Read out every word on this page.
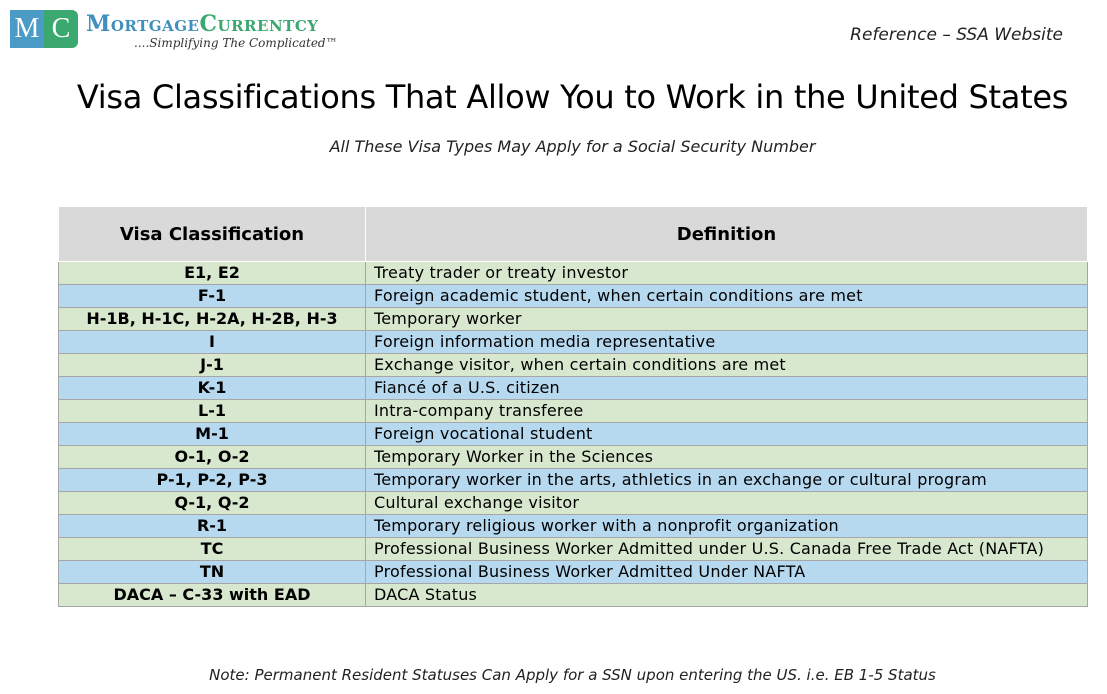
M C MortgageCurrentcy
....Simplifying The Complicated™	Reference – SSA Website
Visa Classifications That Allow You to Work in the United States
All These Visa Types May Apply for a Social Security Number
Visa Classification	Definition
E1, E2	Treaty trader or treaty investor
F-1	Foreign academic student, when certain conditions are met
H-1B, H-1C, H-2A, H-2B, H-3	Temporary worker
I	Foreign information media representative
J-1	Exchange visitor, when certain conditions are met
K-1	Fiancé of a U.S. citizen
L-1	Intra-company transferee
M-1	Foreign vocational student
O-1, O-2	Temporary Worker in the Sciences
P-1, P-2, P-3	Temporary worker in the arts, athletics in an exchange or cultural program
Q-1, Q-2	Cultural exchange visitor
R-1	Temporary religious worker with a nonprofit organization
TC	Professional Business Worker Admitted under U.S. Canada Free Trade Act (NAFTA)
TN	Professional Business Worker Admitted Under NAFTA
DACA – C-33 with EAD	DACA Status
Note: Permanent Resident Statuses Can Apply for a SSN upon entering the US. i.e. EB 1-5 Status
